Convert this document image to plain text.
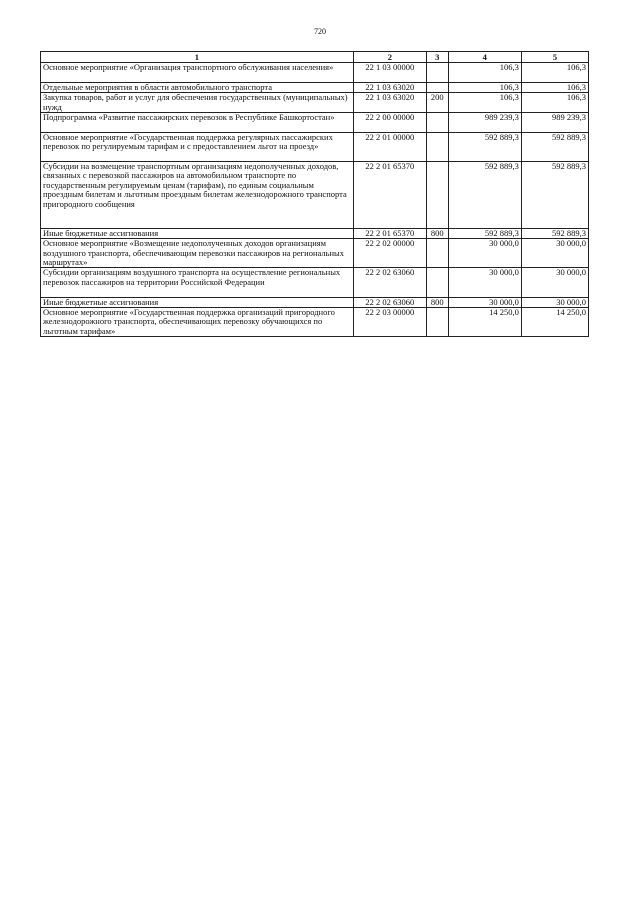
720
1	2	3	4	5
Основное мероприятие «Организация транспортного обслуживания населения»	22 1 03 00000		106,3	106,3
Отдельные мероприятия в области автомобильного транспорта	22 1 03 63020		106,3	106,3
Закупка товаров, работ и услуг для обеспечения государственных (муниципальных) нужд	22 1 03 63020	200	106,3	106,3
Подпрограмма «Развитие пассажирских перевозок в Республике Башкортостан»	22 2 00 00000		989 239,3	989 239,3
Основное мероприятие «Государственная поддержка регулярных пассажирских перевозок по регулируемым тарифам и с предоставлением льгот на проезд»	22 2 01 00000		592 889,3	592 889,3
Субсидии на возмещение транспортным организациям недополученных доходов, связанных с перевозкой пассажиров на автомобильном транспорте по государственным регулируемым ценам (тарифам), по единым социальным проездным билетам и льготным проездным билетам железнодорожного транспорта пригородного сообщения	22 2 01 65370		592 889,3	592 889,3
Иные бюджетные ассигнования	22 2 01 65370	800	592 889,3	592 889,3
Основное мероприятие «Возмещение недополученных доходов организациям воздушного транспорта, обеспечивающим перевозки пассажиров на региональных маршрутах»	22 2 02 00000		30 000,0	30 000,0
Субсидии организациям воздушного транспорта на осуществление региональных перевозок пассажиров на территории Российской Федерации	22 2 02 63060		30 000,0	30 000,0
Иные бюджетные ассигнования	22 2 02 63060	800	30 000,0	30 000,0
Основное мероприятие «Государственная поддержка организаций пригородного железнодорожного транспорта, обеспечивающих перевозку обучающихся по льготным тарифам»	22 2 03 00000		14 250,0	14 250,0
